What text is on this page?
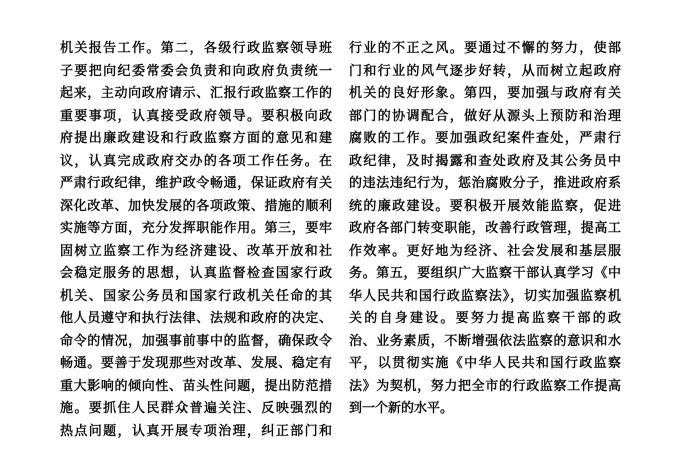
机关报告工作。第二，各级行政监察领导班
子要把向纪委常委会负责和向政府负责统一
起来，主动向政府请示、汇报行政监察工作的
重要事项，认真接受政府领导。要积极向政
府提出廉政建设和行政监察方面的意见和建
议，认真完成政府交办的各项工作任务。在
严肃行政纪律，维护政令畅通，保证政府有关
深化改革、加快发展的各项政策、措施的顺利
实施等方面，充分发挥职能作用。第三，要牢
固树立监察工作为经济建设、改革开放和社
会稳定服务的思想，认真监督检查国家行政
机关、国家公务员和国家行政机关任命的其
他人员遵守和执行法律、法规和政府的决定、
命令的情况，加强事前事中的监督，确保政令
畅通。要善于发现那些对改革、发展、稳定有
重大影响的倾向性、苗头性问题，提出防范措
施。要抓住人民群众普遍关注、反映强烈的
热点问题，认真开展专项治理，纠正部门和
行业的不正之风。要通过不懈的努力，使部
门和行业的风气逐步好转，从而树立起政府
机关的良好形象。第四，要加强与政府有关
部门的协调配合，做好从源头上预防和治理
腐败的工作。要加强政纪案件查处，严肃行
政纪律，及时揭露和查处政府及其公务员中
的违法违纪行为，惩治腐败分子，推进政府系
统的廉政建设。要积极开展效能监察，促进
政府各部门转变职能，改善行政管理，提高工
作效率。更好地为经济、社会发展和基层服
务。第五，要组织广大监察干部认真学习《中
华人民共和国行政监察法》，切实加强监察机
关的自身建设。要努力提高监察干部的政
治、业务素质，不断增强依法监察的意识和水
平，以贯彻实施《中华人民共和国行政监察
法》为契机，努力把全市的行政监察工作提高
到一个新的水平。
